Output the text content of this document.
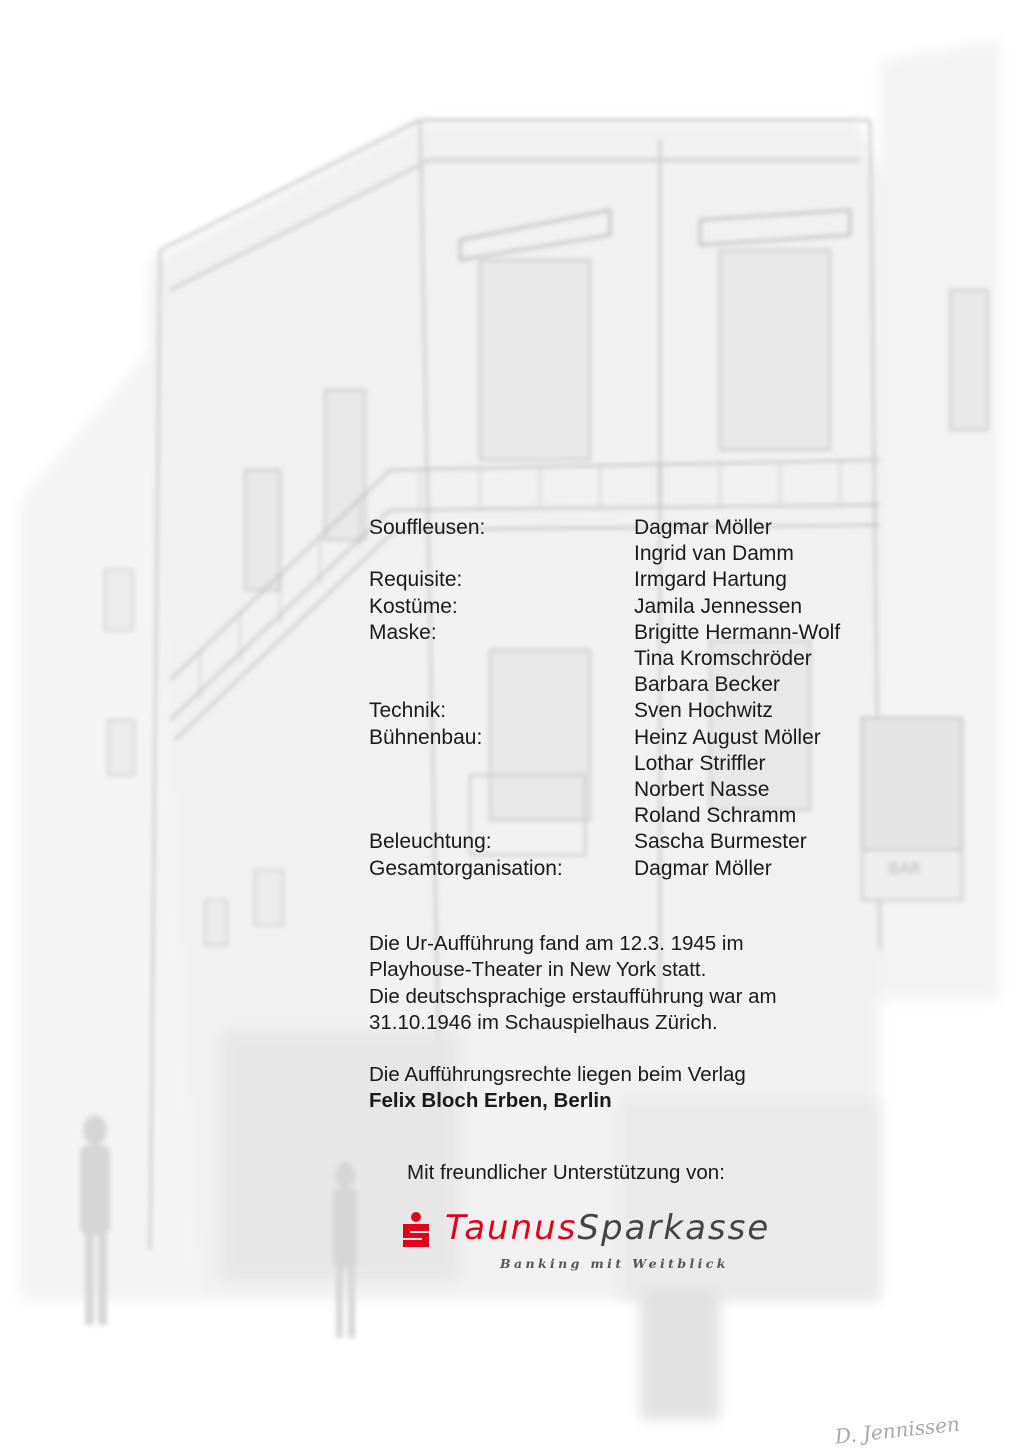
BAR
D. Jennissen
Souffleusen:	Dagmar Möller
Ingrid van Damm
Requisite:	Irmgard Hartung
Kostüme:	Jamila Jennessen
Maske:	Brigitte Hermann-Wolf
Tina Kromschröder
Barbara Becker
Technik:	Sven Hochwitz
Bühnenbau:	Heinz August Möller
Lothar Striffler
Norbert Nasse
Roland Schramm
Beleuchtung:	Sascha Burmester
Gesamtorganisation:	Dagmar Möller

Die Ur-Aufführung fand am 12.3. 1945 im

Playhouse-Theater in New York statt.

Die deutschsprachige erstaufführung war am

31.10.1946 im Schauspielhaus Zürich.

Die Aufführungsrechte liegen beim Verlag

Felix Bloch Erben, Berlin

Mit freundlicher Unterstützung von:
TaunusSparkasse
Banking mit Weitblick
